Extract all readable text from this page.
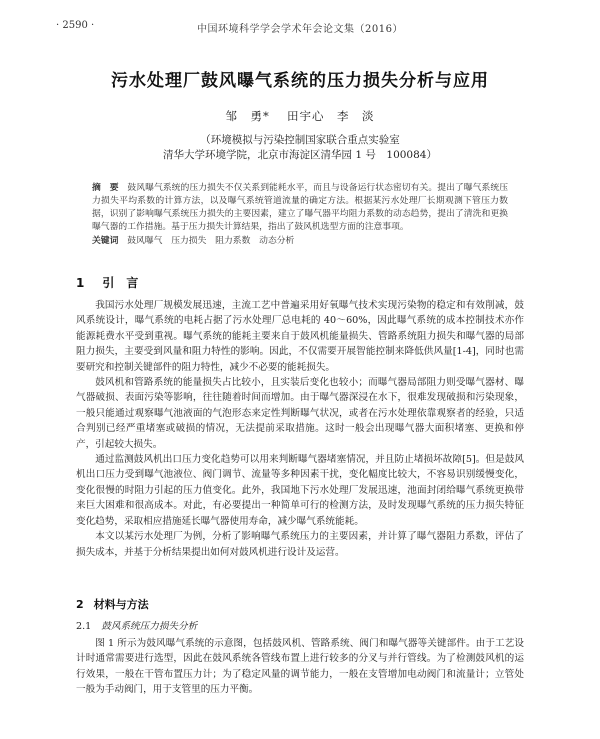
· 2590 ·	中国环境科学学会学术年会论文集（2016）
污水处理厂鼓风曝气系统的压力损失分析与应用
邹　勇* 　田宇心　李　淡
（环境模拟与污染控制国家联合重点实验室
清华大学环境学院，北京市海淀区清华园 1 号　100084）
摘　要 鼓风曝气系统的压力损失不仅关系到能耗水平，而且与设备运行状态密切有关。提出了曝气系统压力损失平均系数的计算方法，以及曝气系统管道流量的确定方法。根据某污水处理厂长期观测下管压力数据，识别了影响曝气系统压力损失的主要因素，建立了曝气器平均阻力系数的动态趋势，提出了清洗和更换曝气器的工作措施。基于压力损失计算结果，指出了鼓风机选型方面的注意事项。
关键词 鼓风曝气　压力损失　阻力系数　动态分析
1 引　言

我国污水处理厂规模发展迅速，主流工艺中普遍采用好氧曝气技术实现污染物的稳定和有效削减，鼓风系统设计，曝气系统的电耗占据了污水处理厂总电耗的 40～60%，因此曝气系统的成本控制技术亦作能源耗费水平受到重视。曝气系统的能耗主要来自于鼓风机能量损失、管路系统阻力损失和曝气器的局部阻力损失，主要受到风量和阻力特性的影响。因此，不仅需要开展智能控制来降低供风量[1-4]，同时也需要研究和控制关键部件的阻力特性，减少不必要的能耗损失。

鼓风机和管路系统的能量损失占比较小，且实装后变化也较小；而曝气器局部阻力则受曝气器材、曝气器破损、表面污染等影响，往往随着时间而增加。由于曝气器深浸在水下，很难发现破损和污染现象，一般只能通过观察曝气池液面的气泡形态来定性判断曝气状况，或者在污水处理依靠观察者的经验，只适合判别已经严重堵塞或破损的情况，无法提前采取措施。这时一般会出现曝气器大面积堵塞、更换和停产，引起较大损失。

通过监测鼓风机出口压力变化趋势可以用来判断曝气器堵塞情况，并且防止堵损坏故障[5]。但是鼓风机出口压力受到曝气池液位、阀门调节、流量等多种因素干扰，变化幅度比较大，不容易识别缓慢变化，变化很慢的时阻力引起的压力值变化。此外，我国地下污水处理厂发展迅速，池面封闭给曝气系统更换带来巨大困难和很高成本。对此，有必要提出一种简单可行的检测方法，及时发现曝气系统的压力损失特征变化趋势，采取相应措施延长曝气器使用寿命，减少曝气系统能耗。

本文以某污水处理厂为例，分析了影响曝气系统压力的主要因素，并计算了曝气器阻力系数，评估了损失成本，并基于分析结果提出如何对鼓风机进行设计及运营。

2 材料与方法
2.1 鼓风系统压力损失分析

图 1 所示为鼓风曝气系统的示意图，包括鼓风机、管路系统、阀门和曝气器等关键部件。由于工艺设计时通常需要进行选型，因此在鼓风系统各管线布置上进行较多的分叉与并行管线。为了检测鼓风机的运行效果，一般在干管布置压力计；为了稳定风量的调节能力，一般在支管增加电动阀门和流量计；立管处一般为手动阀门，用于支管里的压力平衡。
